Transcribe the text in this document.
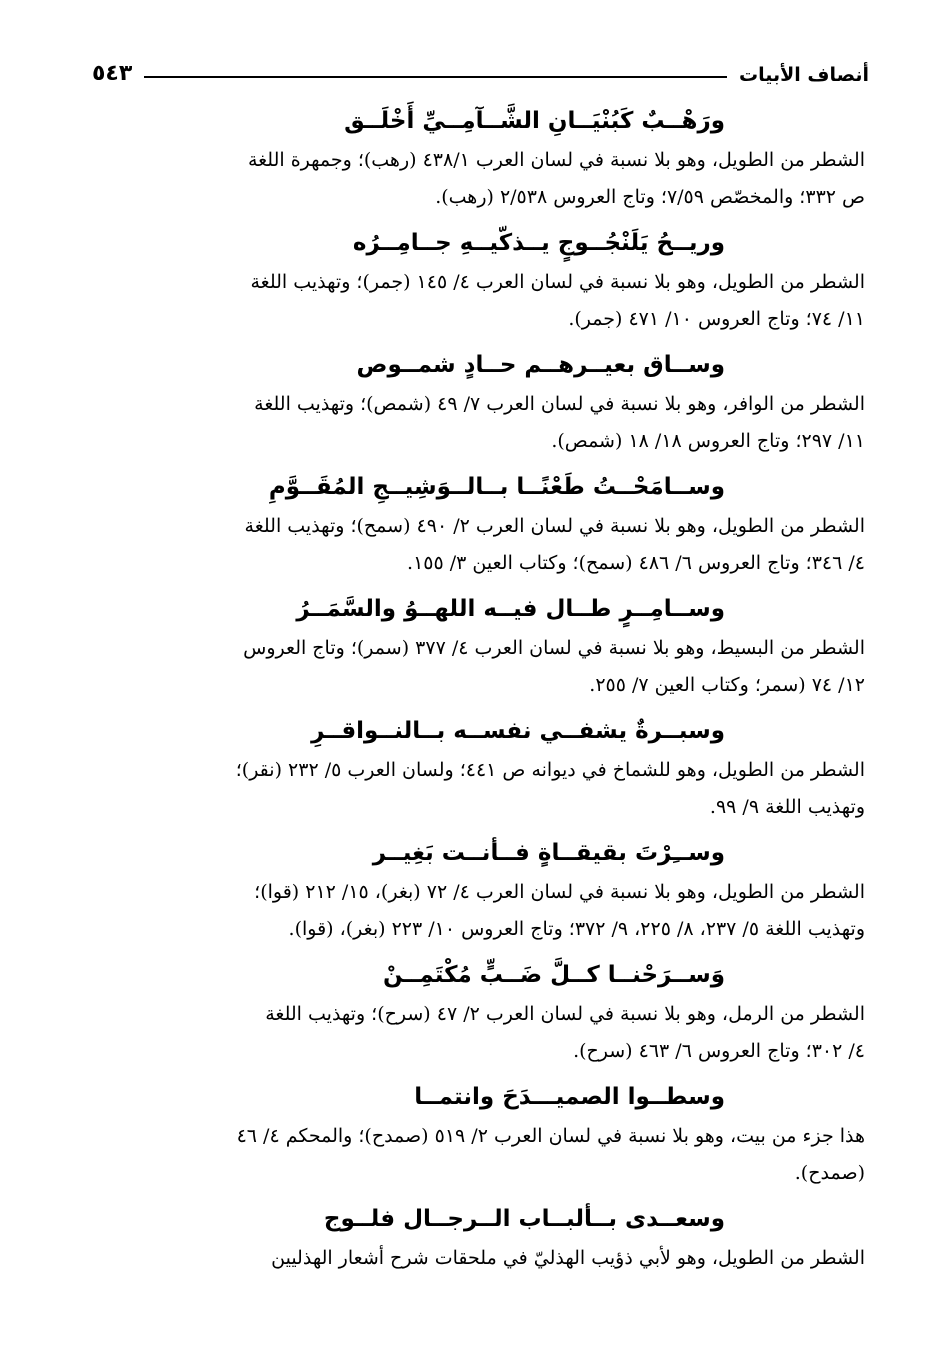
أنصاف الأبيات
٥٤٣
ورَهْــبٌ كَبُنْيَــانِ الشَّــآمِــيِّ أَخْلَــق

الشطر من الطويل، وهو بلا نسبة في لسان العرب ٤٣٨/١ (رهب)؛ وجمهرة اللغة
ص ٣٣٢؛ والمخصّص ٧/٥٩؛ وتاج العروس ٢/٥٣٨ (رهب).

وريــحُ يَلَنْجُــوجٍ يــذكّيــهِ جــامِــرُه

الشطر من الطويل، وهو بلا نسبة في لسان العرب ٤/ ١٤٥ (جمر)؛ وتهذيب اللغة
١١/ ٧٤؛ وتاج العروس ١٠/ ٤٧١ (جمر).

وســاق بعيــرهــم حــادٍ شمــوص

الشطر من الوافر، وهو بلا نسبة في لسان العرب ٧/ ٤٩ (شمص)؛ وتهذيب اللغة
١١/ ٢٩٧؛ وتاج العروس ١٨/ ١٨ (شمص).

وســامَحْــتُ طَعْنًــا بــالــوَشِيــجِ المُقَــوَّمِ

الشطر من الطويل، وهو بلا نسبة في لسان العرب ٢/ ٤٩٠ (سمح)؛ وتهذيب اللغة
٤/ ٣٤٦؛ وتاج العروس ٦/ ٤٨٦ (سمح)؛ وكتاب العين ٣/ ١٥٥.

وســامِــرٍ طــال فيــه اللهــوُ والسَّمَــرُ

الشطر من البسيط، وهو بلا نسبة في لسان العرب ٤/ ٣٧٧ (سمر)؛ وتاج العروس
١٢/ ٧٤ (سمر؛ وكتاب العين ٧/ ٢٥٥.

وسبــرةٌ يشفــي نفســه بــالنــواقــرِ

الشطر من الطويل، وهو للشماخ في ديوانه ص ٤٤١؛ ولسان العرب ٥/ ٢٣٢ (نقر)؛
وتهذيب اللغة ٩/ ٩٩.

وســِرْتَ بقيقــاةٍ فــأنــت بَغِيــر

الشطر من الطويل، وهو بلا نسبة في لسان العرب ٤/ ٧٢ (بغر)، ١٥/ ٢١٢ (قوا)؛
وتهذيب اللغة ٥/ ٢٣٧، ٨/ ٢٢٥، ٩/ ٣٧٢؛ وتاج العروس ١٠/ ٢٢٣ (بغر)، (قوا).

وَســرَحْنــا كــلَّ ضَــبٍّ مُكْتَمِــنْ

الشطر من الرمل، وهو بلا نسبة في لسان العرب ٢/ ٤٧ (سرح)؛ وتهذيب اللغة
٤/ ٣٠٢؛ وتاج العروس ٦/ ٤٦٣ (سرح).

وسطــوا الصميـــدَحَ وانتمــا

هذا جزء من بيت، وهو بلا نسبة في لسان العرب ٢/ ٥١٩ (صمدح)؛ والمحكم ٤/ ٤٦
(صمدح).

وسعــدى بــألبــاب الــرجــال فلــوج

الشطر من الطويل، وهو لأبي ذؤيب الهذليّ في ملحقات شرح أشعار الهذليين
